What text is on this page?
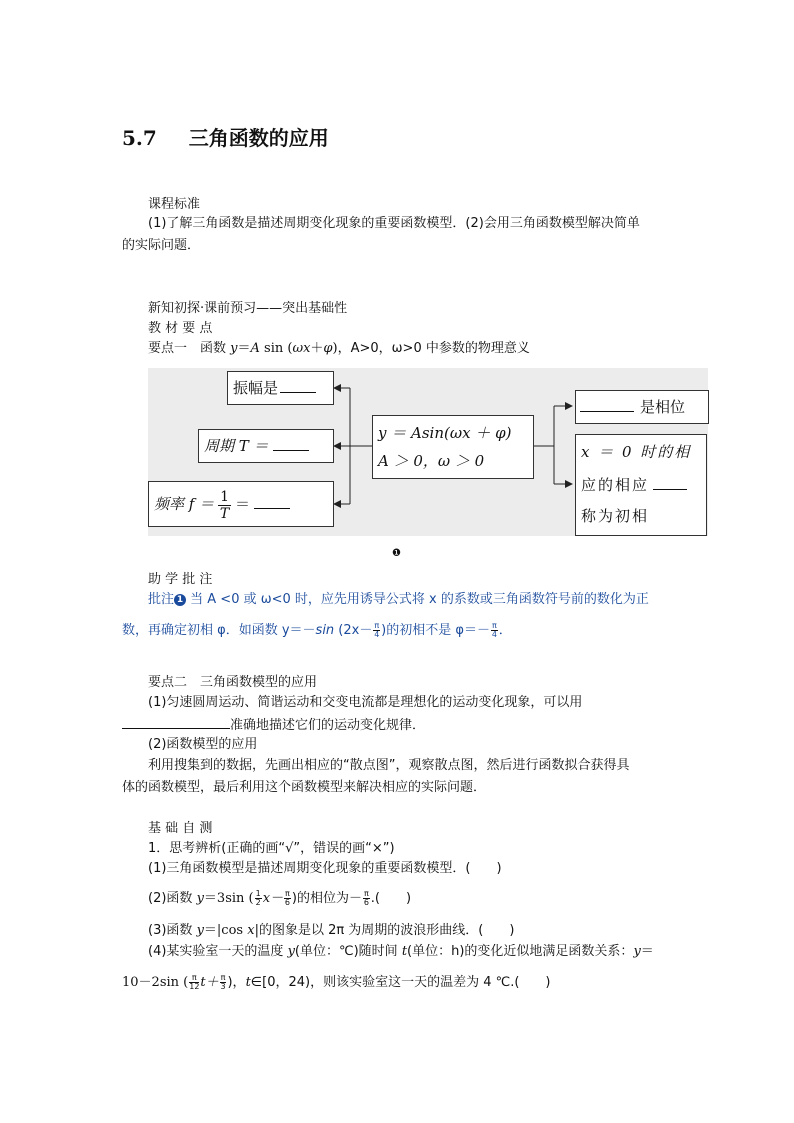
5.7 三角函数的应用
课程标准
(1)了解三角函数是描述周期变化现象的重要函数模型．(2)会用三角函数模型解决简单
的实际问题．
新知初探·课前预习——突出基础性
教 材 要 点
要点一　函数 y＝A sin (ωx＋φ)，A>0，ω>0 中参数的物理意义
振幅是
周期 T ＝
频率 $f = \frac{1}{T}$ ＝
y ＝ Asin(ωx ＋ φ)
A ＞ 0，ω ＞ 0
是相位
x ＝ 0 时的相
应的相应
称为初相
❶
助 学 批 注
批注 1 当 A <0 或 ω<0 时，应先用诱导公式将 x 的系数或三角函数符号前的数化为正
数，再确定初相 φ．如函数 y＝－sin ($2x- \frac{\pi}{4}$ )的初相不是 $\varphi=- \frac{\pi}{4}$ ．
要点二　三角函数模型的应用
(1)匀速圆周运动、简谐运动和交变电流都是理想化的运动变化现象，可以用
准确地描述它们的运动变化规律．
(2)函数模型的应用
利用搜集到的数据，先画出相应的“散点图”，观察散点图，然后进行函数拟合获得具
体的函数模型，最后利用这个函数模型来解决相应的实际问题．
基 础 自 测
1．思考辨析(正确的画“√”，错误的画“×”)
(1)三角函数模型是描述周期变化现象的重要函数模型．(　　)
(2)函数 y＝3sin ( $\frac{1}{2} x- \frac{\pi}{6}$ )的相位为－ $\frac{\pi}{6}$ .(　　)
(3)函数 y＝|cos x|的图象是以 2π 为周期的波浪形曲线．(　　)
(4)某实验室一天的温度 y(单位：℃)随时间 t(单位：h)的变化近似地满足函数关系：y＝
10－2sin ( $\frac{\pi}{12} t+ \frac{\pi}{3}$ )，t∈[0，24)，则该实验室这一天的温差为 4 ℃.(　　)
